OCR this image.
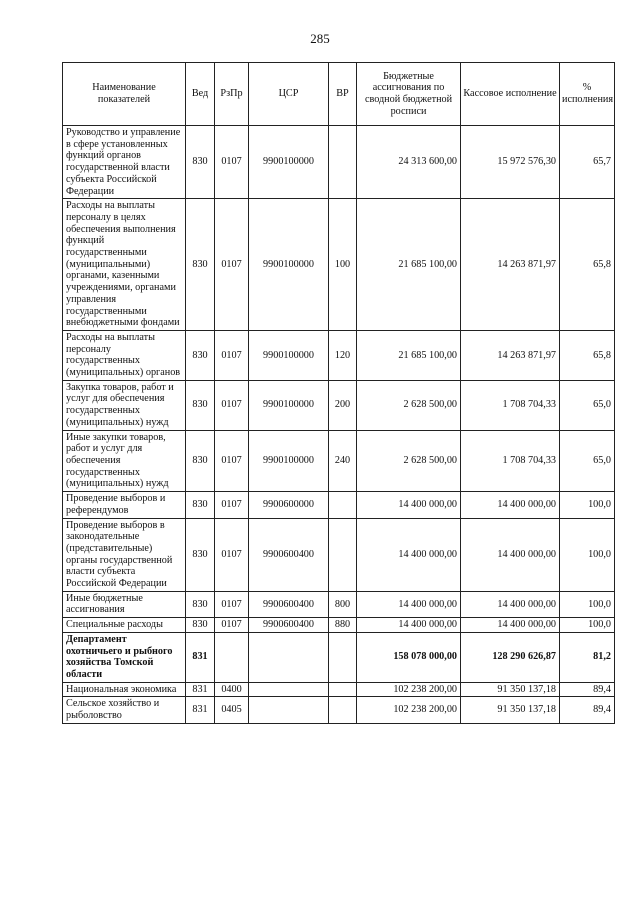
285
Наименование показателей	Вед	РзПр	ЦСР	ВР	Бюджетные ассигнования по сводной бюджетной росписи	Кассовое исполнение	% исполнения
Руководство и управление в сфере установленных функций органов государственной власти субъекта Российской Федерации	830	0107	9900100000		24 313 600,00	15 972 576,30	65,7
Расходы на выплаты персоналу в целях обеспечения выполнения функций государственными (муниципальными) органами, казенными учреждениями, органами управления государственными внебюджетными фондами	830	0107	9900100000	100	21 685 100,00	14 263 871,97	65,8
Расходы на выплаты персоналу государственных (муниципальных) органов	830	0107	9900100000	120	21 685 100,00	14 263 871,97	65,8
Закупка товаров, работ и услуг для обеспечения государственных (муниципальных) нужд	830	0107	9900100000	200	2 628 500,00	1 708 704,33	65,0
Иные закупки товаров, работ и услуг для обеспечения государственных (муниципальных) нужд	830	0107	9900100000	240	2 628 500,00	1 708 704,33	65,0
Проведение выборов и референдумов	830	0107	9900600000		14 400 000,00	14 400 000,00	100,0
Проведение выборов в законодательные (представительные) органы государственной власти субъекта Российской Федерации	830	0107	9900600400		14 400 000,00	14 400 000,00	100,0
Иные бюджетные ассигнования	830	0107	9900600400	800	14 400 000,00	14 400 000,00	100,0
Специальные расходы	830	0107	9900600400	880	14 400 000,00	14 400 000,00	100,0
Департамент охотничьего и рыбного хозяйства Томской области	831				158 078 000,00	128 290 626,87	81,2
Национальная экономика	831	0400			102 238 200,00	91 350 137,18	89,4
Сельское хозяйство и рыболовство	831	0405			102 238 200,00	91 350 137,18	89,4
